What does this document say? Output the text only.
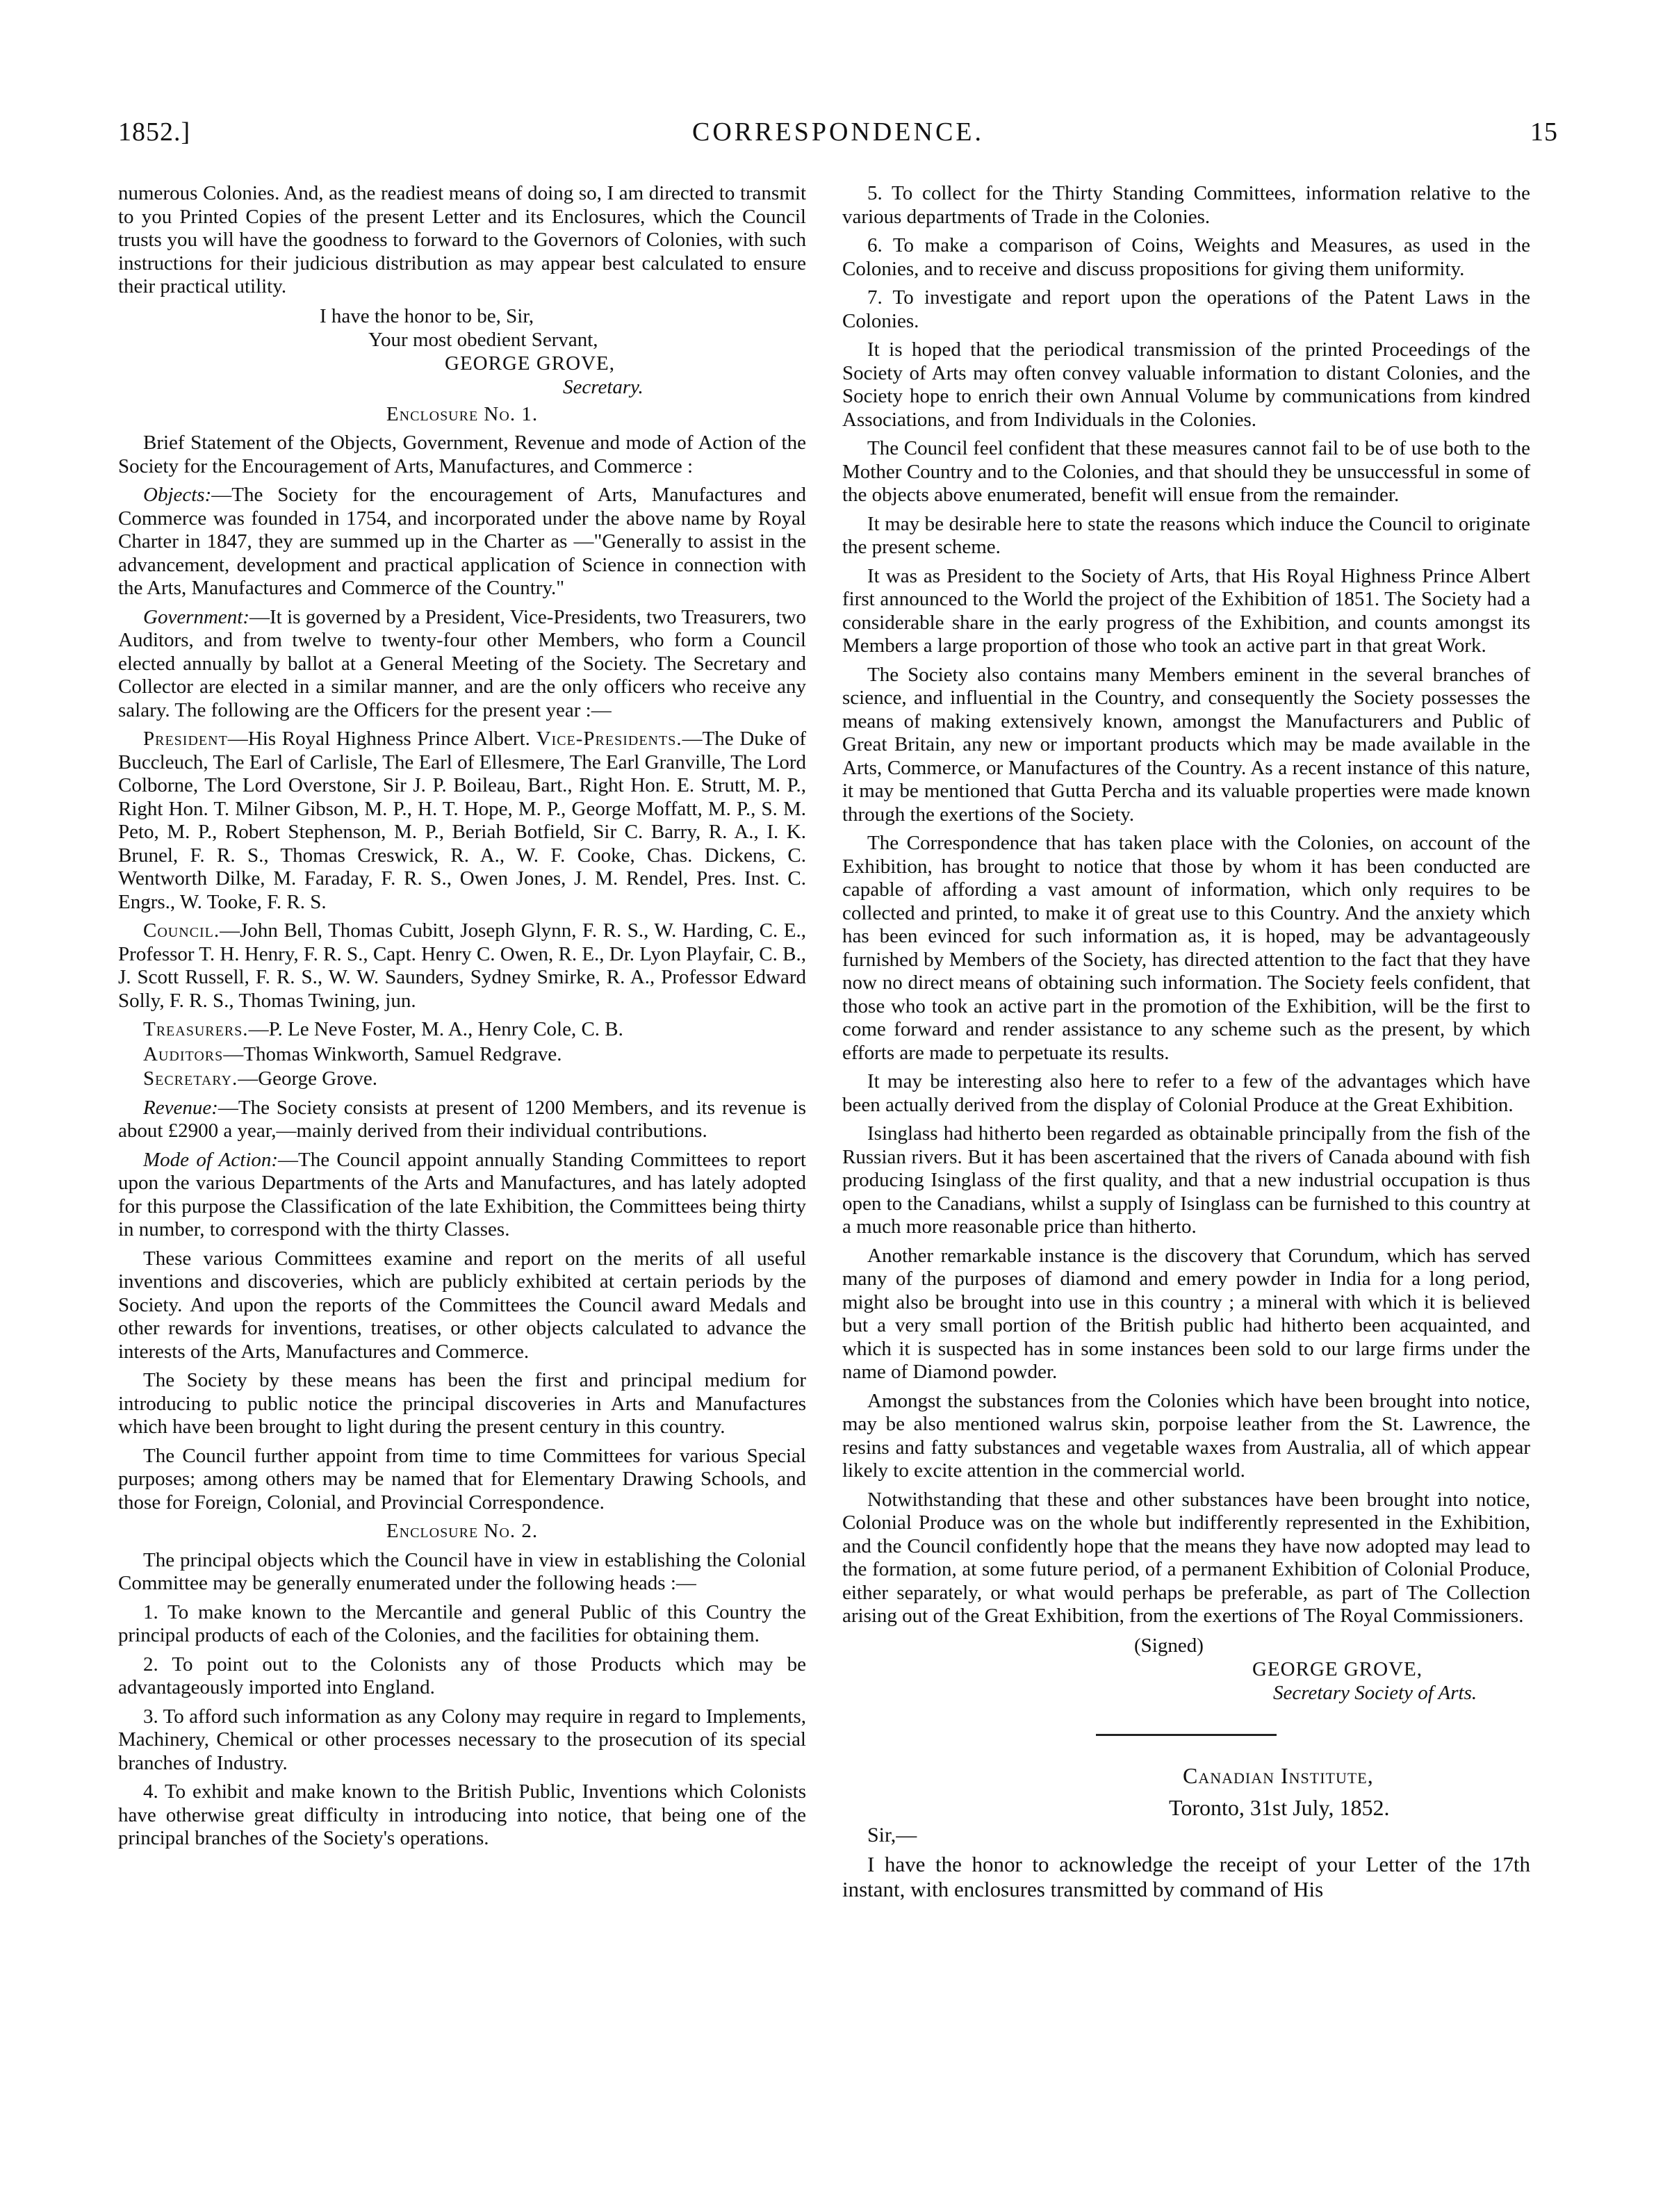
1852.]	CORRESPONDENCE.	15

numerous Colonies. And, as the readiest means of doing so, I am directed to transmit to you Printed Copies of the present Letter and its Enclosures, which the Council trusts you will have the goodness to forward to the Governors of Colonies, with such instructions for their judicious distribution as may appear best calculated to ensure their practical utility.

I have the honor to be, Sir,
Your most obedient Servant,
GEORGE GROVE,
Secretary.

Enclosure No. 1.

Brief Statement of the Objects, Government, Revenue and mode of Action of the Society for the Encouragement of Arts, Manufactures, and Commerce :

Objects:—The Society for the encouragement of Arts, Manufactures and Commerce was founded in 1754, and incorporated under the above name by Royal Charter in 1847, they are summed up in the Charter as —"Generally to assist in the advancement, development and practical application of Science in connection with the Arts, Manufactures and Commerce of the Country."

Government:—It is governed by a President, Vice-Presidents, two Treasurers, two Auditors, and from twelve to twenty-four other Members, who form a Council elected annually by ballot at a General Meeting of the Society. The Secretary and Collector are elected in a similar manner, and are the only officers who receive any salary. The following are the Officers for the present year :—

President—His Royal Highness Prince Albert. Vice-Presidents.—The Duke of Buccleuch, The Earl of Carlisle, The Earl of Ellesmere, The Earl Granville, The Lord Colborne, The Lord Overstone, Sir J. P. Boileau, Bart., Right Hon. E. Strutt, M. P., Right Hon. T. Milner Gibson, M. P., H. T. Hope, M. P., George Moffatt, M. P., S. M. Peto, M. P., Robert Stephenson, M. P., Beriah Botfield, Sir C. Barry, R. A., I. K. Brunel, F. R. S., Thomas Creswick, R. A., W. F. Cooke, Chas. Dickens, C. Wentworth Dilke, M. Faraday, F. R. S., Owen Jones, J. M. Rendel, Pres. Inst. C. Engrs., W. Tooke, F. R. S.

Council.—John Bell, Thomas Cubitt, Joseph Glynn, F. R. S., W. Harding, C. E., Professor T. H. Henry, F. R. S., Capt. Henry C. Owen, R. E., Dr. Lyon Playfair, C. B., J. Scott Russell, F. R. S., W. W. Saunders, Sydney Smirke, R. A., Professor Edward Solly, F. R. S., Thomas Twining, jun.

Treasurers.—P. Le Neve Foster, M. A., Henry Cole, C. B.

Auditors—Thomas Winkworth, Samuel Redgrave.

Secretary.—George Grove.

Revenue:—The Society consists at present of 1200 Members, and its revenue is about £2900 a year,—mainly derived from their individual contributions.

Mode of Action:—The Council appoint annually Standing Committees to report upon the various Departments of the Arts and Manufactures, and has lately adopted for this purpose the Classification of the late Exhibition, the Committees being thirty in number, to correspond with the thirty Classes.

These various Committees examine and report on the merits of all useful inventions and discoveries, which are publicly exhibited at certain periods by the Society. And upon the reports of the Committees the Council award Medals and other rewards for inventions, treatises, or other objects calculated to advance the interests of the Arts, Manufactures and Commerce.

The Society by these means has been the first and principal medium for introducing to public notice the principal discoveries in Arts and Manufactures which have been brought to light during the present century in this country.

The Council further appoint from time to time Committees for various Special purposes; among others may be named that for Elementary Drawing Schools, and those for Foreign, Colonial, and Provincial Correspondence.

Enclosure No. 2.

The principal objects which the Council have in view in establishing the Colonial Committee may be generally enumerated under the following heads :—

1. To make known to the Mercantile and general Public of this Country the principal products of each of the Colonies, and the facilities for obtaining them.

2. To point out to the Colonists any of those Products which may be advantageously imported into England.

3. To afford such information as any Colony may require in regard to Implements, Machinery, Chemical or other processes necessary to the prosecution of its special branches of Industry.

4. To exhibit and make known to the British Public, Inventions which Colonists have otherwise great difficulty in introducing into notice, that being one of the principal branches of the Society's operations.

5. To collect for the Thirty Standing Committees, information relative to the various departments of Trade in the Colonies.

6. To make a comparison of Coins, Weights and Measures, as used in the Colonies, and to receive and discuss propositions for giving them uniformity.

7. To investigate and report upon the operations of the Patent Laws in the Colonies.

It is hoped that the periodical transmission of the printed Proceedings of the Society of Arts may often convey valuable information to distant Colonies, and the Society hope to enrich their own Annual Volume by communications from kindred Associations, and from Individuals in the Colonies.

The Council feel confident that these measures cannot fail to be of use both to the Mother Country and to the Colonies, and that should they be unsuccessful in some of the objects above enumerated, benefit will ensue from the remainder.

It may be desirable here to state the reasons which induce the Council to originate the present scheme.

It was as President to the Society of Arts, that His Royal Highness Prince Albert first announced to the World the project of the Exhibition of 1851. The Society had a considerable share in the early progress of the Exhibition, and counts amongst its Members a large proportion of those who took an active part in that great Work.

The Society also contains many Members eminent in the several branches of science, and influential in the Country, and consequently the Society possesses the means of making extensively known, amongst the Manufacturers and Public of Great Britain, any new or important products which may be made available in the Arts, Commerce, or Manufactures of the Country. As a recent instance of this nature, it may be mentioned that Gutta Percha and its valuable properties were made known through the exertions of the Society.

The Correspondence that has taken place with the Colonies, on account of the Exhibition, has brought to notice that those by whom it has been conducted are capable of affording a vast amount of information, which only requires to be collected and printed, to make it of great use to this Country. And the anxiety which has been evinced for such information as, it is hoped, may be advantageously furnished by Members of the Society, has directed attention to the fact that they have now no direct means of obtaining such information. The Society feels confident, that those who took an active part in the promotion of the Exhibition, will be the first to come forward and render assistance to any scheme such as the present, by which efforts are made to perpetuate its results.

It may be interesting also here to refer to a few of the advantages which have been actually derived from the display of Colonial Produce at the Great Exhibition.

Isinglass had hitherto been regarded as obtainable principally from the fish of the Russian rivers. But it has been ascertained that the rivers of Canada abound with fish producing Isinglass of the first quality, and that a new industrial occupation is thus open to the Canadians, whilst a supply of Isinglass can be furnished to this country at a much more reasonable price than hitherto.

Another remarkable instance is the discovery that Corundum, which has served many of the purposes of diamond and emery powder in India for a long period, might also be brought into use in this country ; a mineral with which it is believed but a very small portion of the British public had hitherto been acquainted, and which it is suspected has in some instances been sold to our large firms under the name of Diamond powder.

Amongst the substances from the Colonies which have been brought into notice, may be also mentioned walrus skin, porpoise leather from the St. Lawrence, the resins and fatty substances and vegetable waxes from Australia, all of which appear likely to excite attention in the commercial world.

Notwithstanding that these and other substances have been brought into notice, Colonial Produce was on the whole but indifferently represented in the Exhibition, and the Council confidently hope that the means they have now adopted may lead to the formation, at some future period, of a permanent Exhibition of Colonial Produce, either separately, or what would perhaps be preferable, as part of The Collection arising out of the Great Exhibition, from the exertions of The Royal Commissioners.

(Signed)
GEORGE GROVE,
Secretary Society of Arts.
Canadian Institute,
Toronto, 31st July, 1852.

Sir,—

I have the honor to acknowledge the receipt of your Letter of the 17th instant, with enclosures transmitted by command of His
